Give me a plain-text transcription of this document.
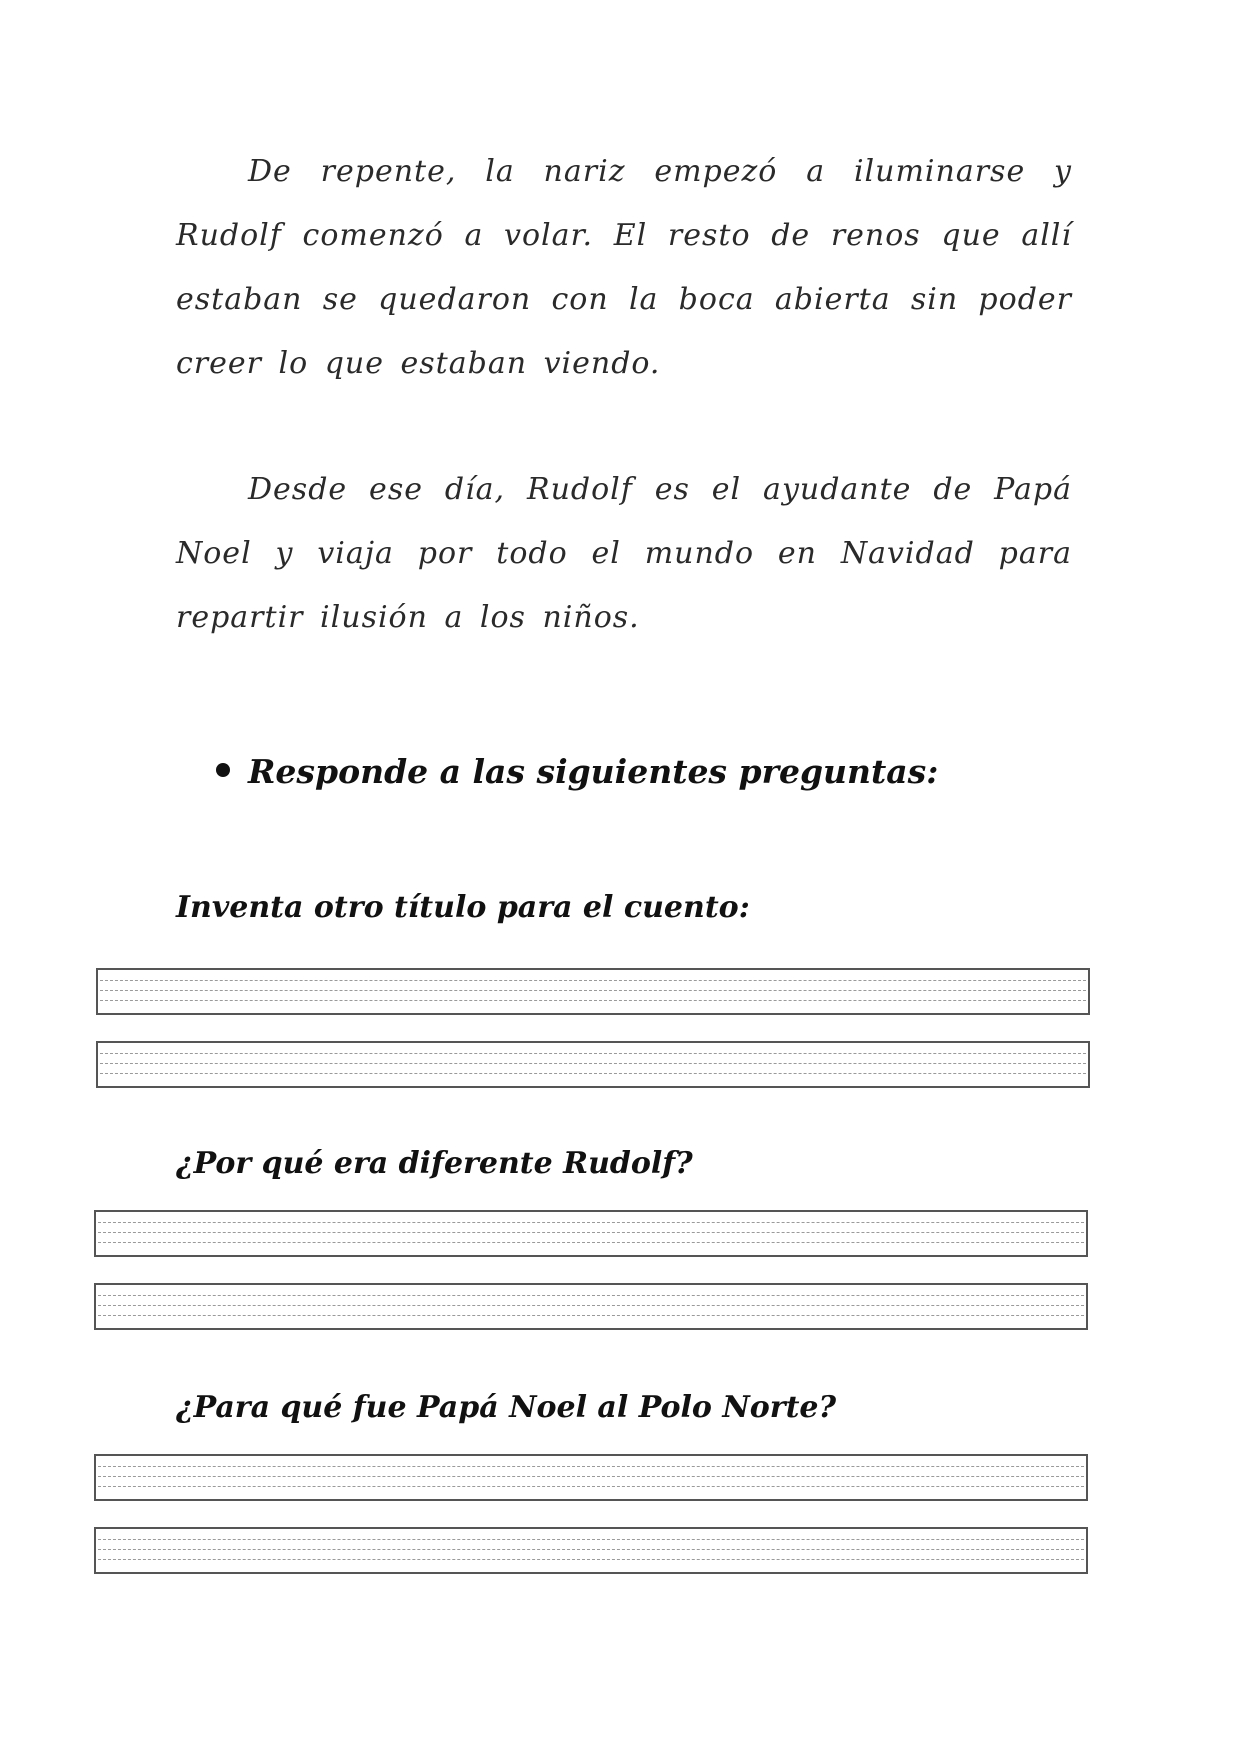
De repente, la nariz empezó a iluminarse y Rudolf comenzó a volar. El resto de renos que allí estaban se quedaron con la boca abierta sin poder creer lo que estaban viendo.

Desde ese día, Rudolf es el ayudante de Papá Noel y viaja por todo el mundo en Navidad para repartir ilusión a los niños.

Responde a las siguientes preguntas:
Inventa otro título para el cuento:
¿Por qué era diferente Rudolf?
¿Para qué fue Papá Noel al Polo Norte?
